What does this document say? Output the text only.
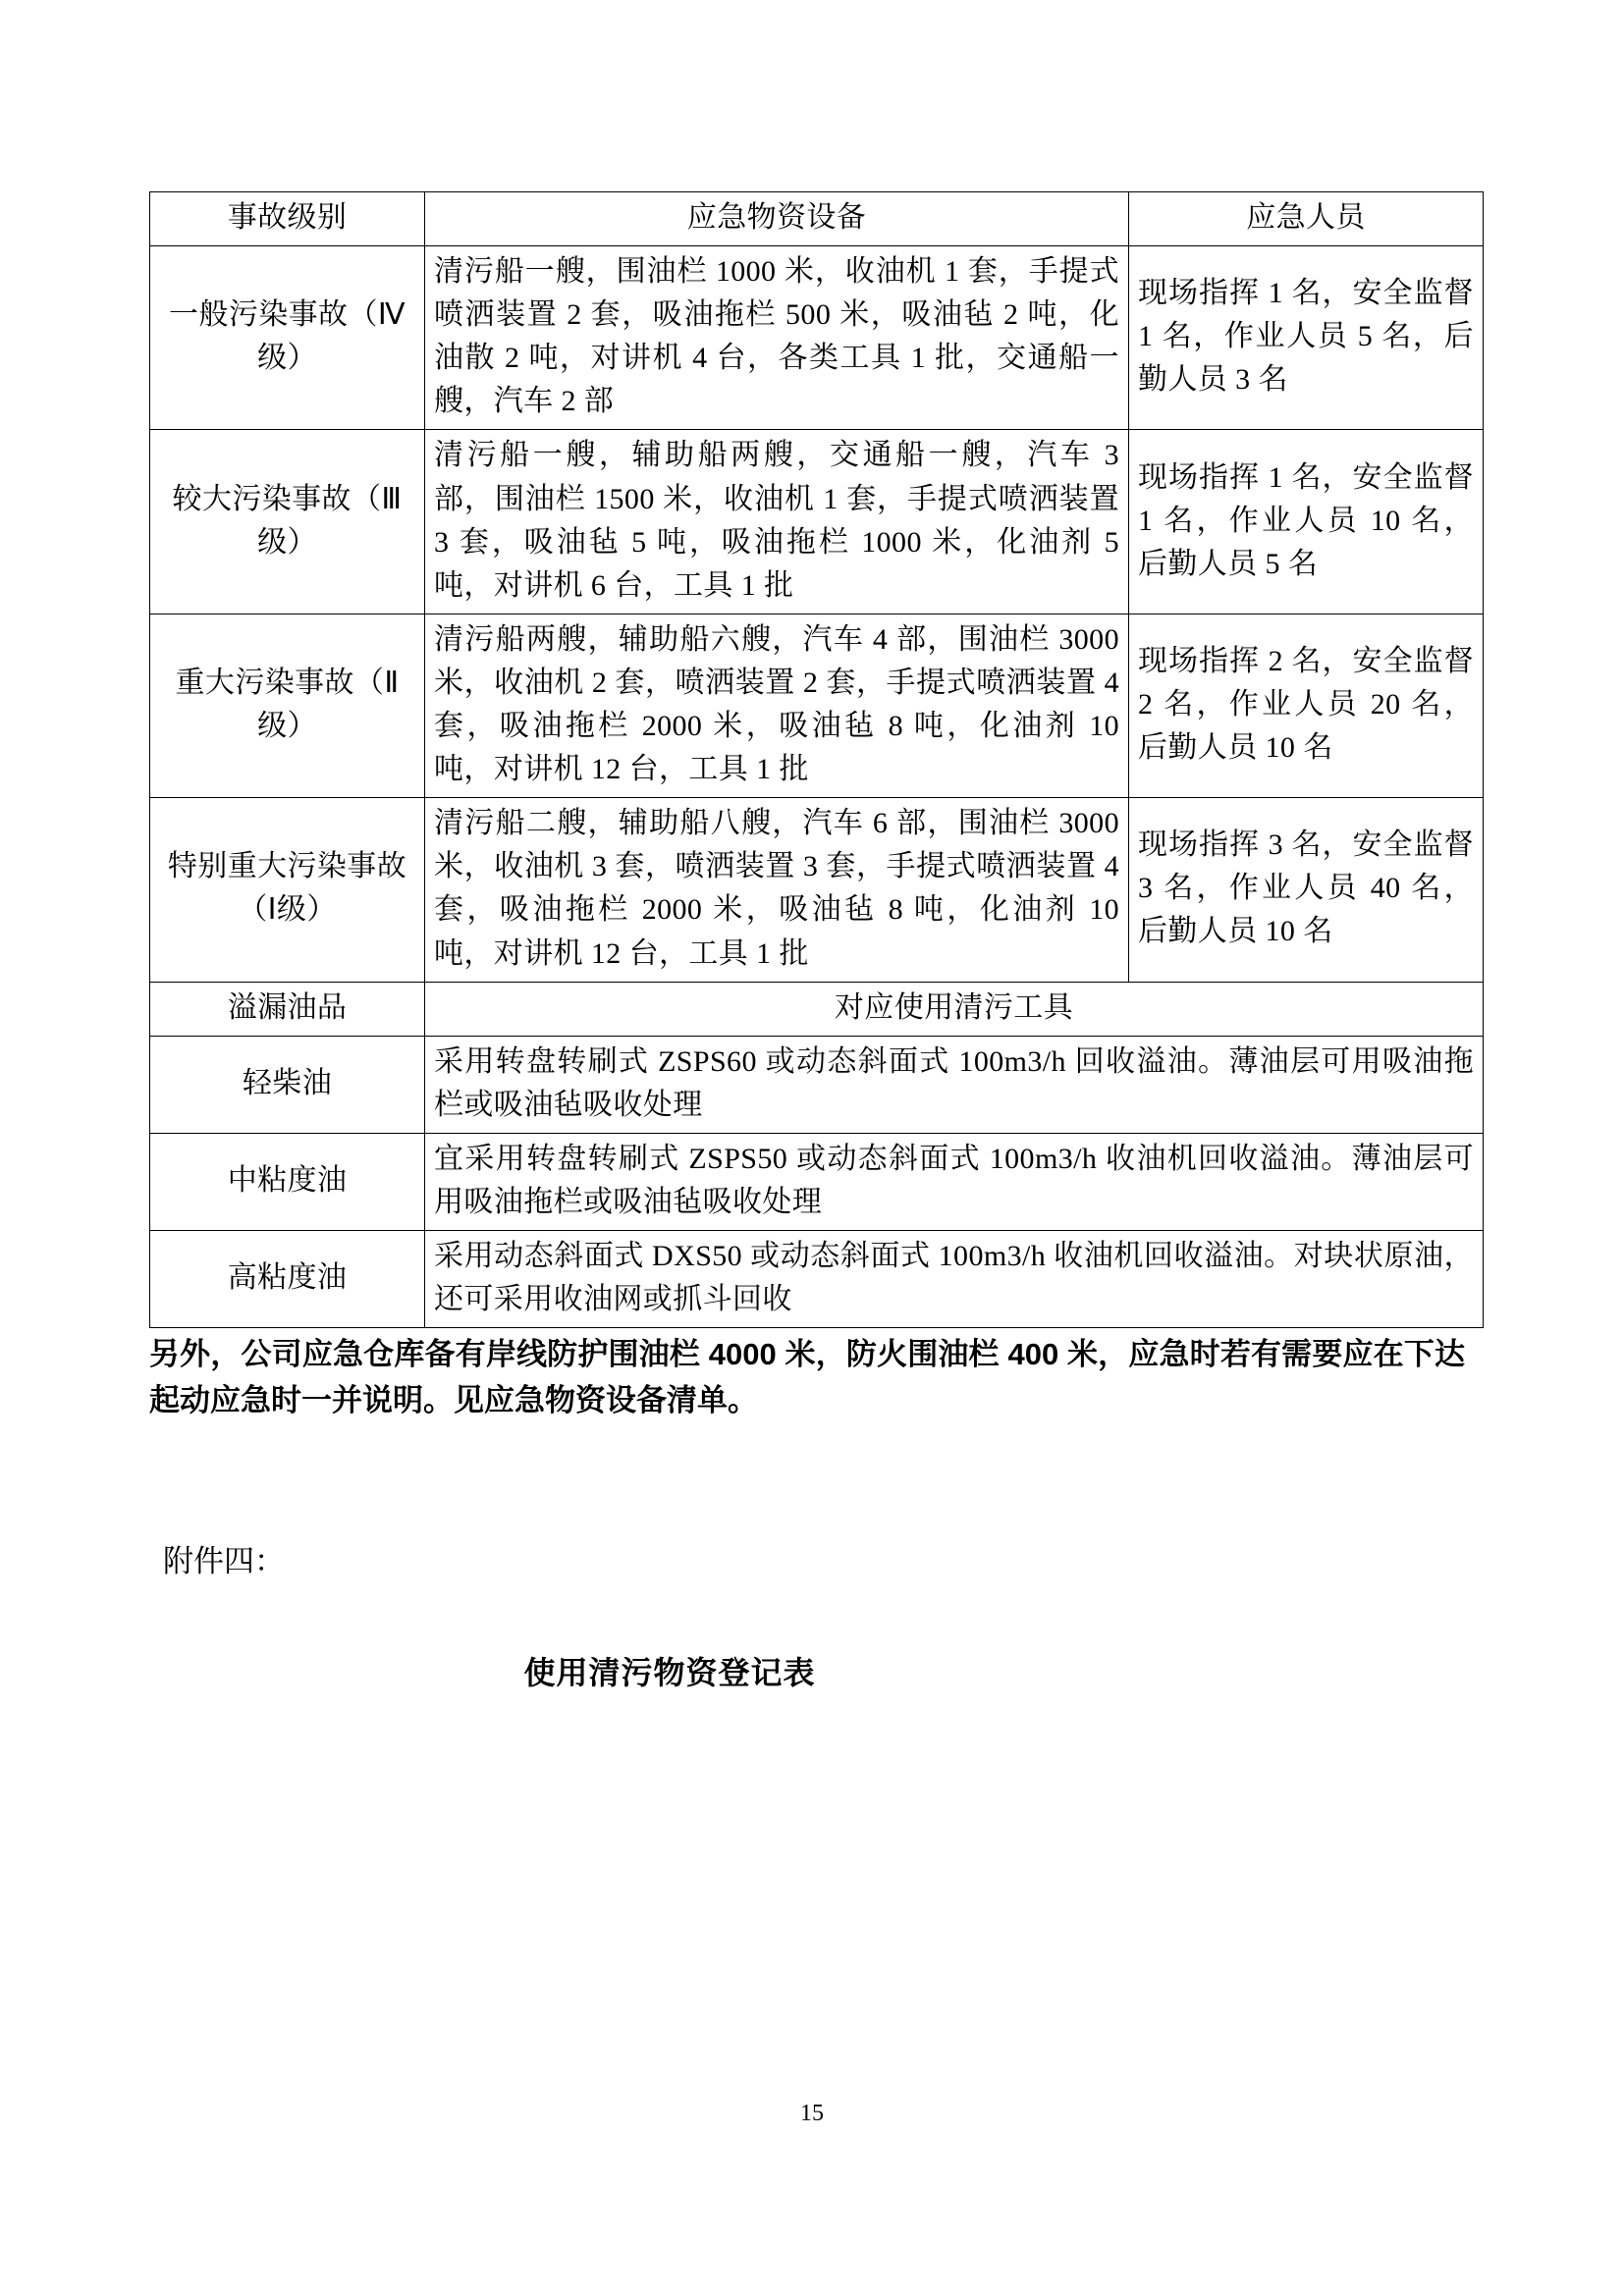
事故级别	应急物资设备	应急人员
一般污染事故（Ⅳ级）	清污船一艘，围油栏 1000 米，收油机 1 套，手提式喷洒装置 2 套，吸油拖栏 500 米，吸油毡 2 吨，化油散 2 吨，对讲机 4 台，各类工具 1 批，交通船一艘，汽车 2 部	现场指挥 1 名，安全监督 1 名，作业人员 5 名，后勤人员 3 名
较大污染事故（Ⅲ级）	清污船一艘，辅助船两艘，交通船一艘，汽车 3 部，围油栏 1500 米，收油机 1 套，手提式喷洒装置 3 套，吸油毡 5 吨，吸油拖栏 1000 米，化油剂 5 吨，对讲机 6 台，工具 1 批	现场指挥 1 名，安全监督 1 名，作业人员 10 名，后勤人员 5 名
重大污染事故（Ⅱ级）	清污船两艘，辅助船六艘，汽车 4 部，围油栏 3000 米，收油机 2 套，喷洒装置 2 套，手提式喷洒装置 4 套，吸油拖栏 2000 米，吸油毡 8 吨，化油剂 10 吨，对讲机 12 台，工具 1 批	现场指挥 2 名，安全监督 2 名，作业人员 20 名，后勤人员 10 名
特别重大污染事故（Ⅰ级）	清污船二艘，辅助船八艘，汽车 6 部，围油栏 3000 米，收油机 3 套，喷洒装置 3 套，手提式喷洒装置 4 套，吸油拖栏 2000 米，吸油毡 8 吨，化油剂 10 吨，对讲机 12 台，工具 1 批	现场指挥 3 名，安全监督 3 名，作业人员 40 名，后勤人员 10 名
溢漏油品	对应使用清污工具	
轻柴油	采用转盘转刷式 ZSPS60 或动态斜面式 100m3/h 回收溢油。薄油层可用吸油拖栏或吸油毡吸收处理	
中粘度油	宜采用转盘转刷式 ZSPS50 或动态斜面式 100m3/h 收油机回收溢油。薄油层可用吸油拖栏或吸油毡吸收处理	
高粘度油	采用动态斜面式 DXS50 或动态斜面式 100m3/h 收油机回收溢油。对块状原油，还可采用收油网或抓斗回收	

另外，公司应急仓库备有岸线防护围油栏 4000 米，防火围油栏 400 米，应急时若有需要应在下达起动应急时一并说明。见应急物资设备清单。

附件四：

使用清污物资登记表

15
